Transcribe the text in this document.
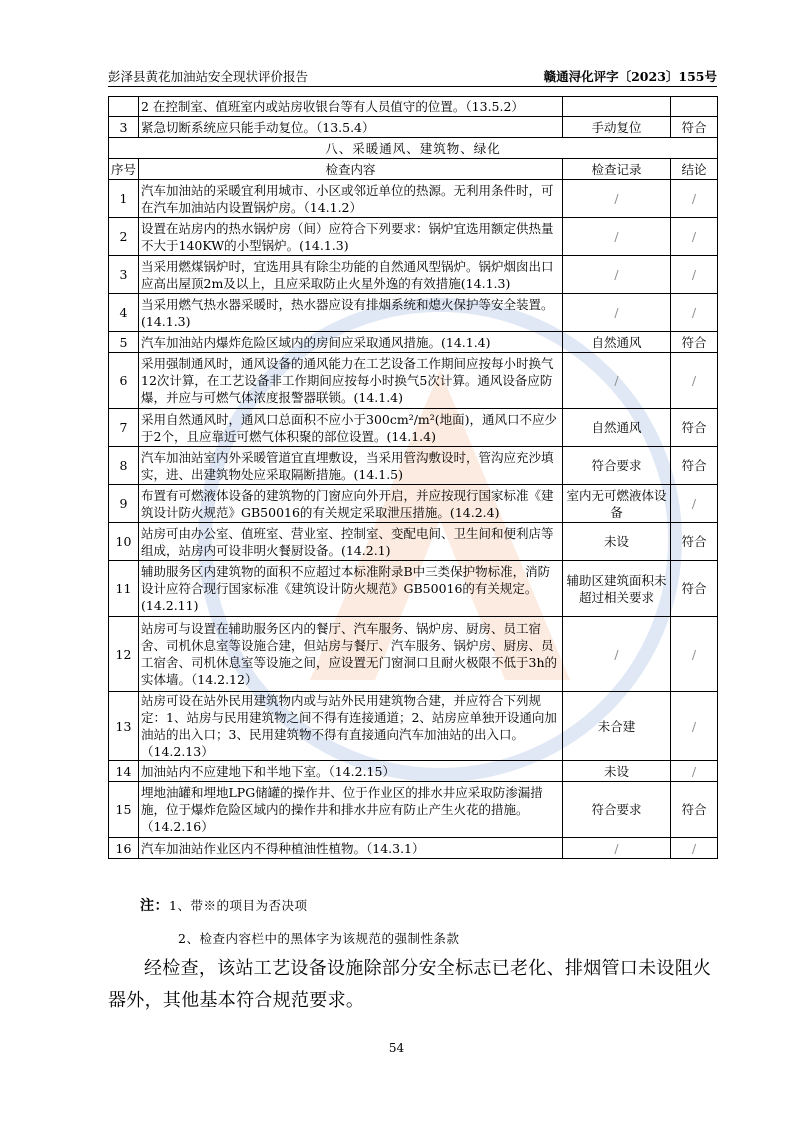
彭泽县黄花加油站安全现状评价报告	赣通浔化评字〔2023〕155号
	2 在控制室、值班室内或站房收银台等有人员值守的位置。（13.5.2）		
3	紧急切断系统应只能手动复位。（13.5.4）	手动复位	符合
八、采暖通风、建筑物、绿化			
序号	检查内容	检查记录	结论
1	汽车加油站的采暖宜利用城市、小区或邻近单位的热源。无利用条件时，可在汽车加油站内设置锅炉房。（14.1.2）	/	/
2	设置在站房内的热水锅炉房（间）应符合下列要求：锅炉宜选用额定供热量不大于140KW的小型锅炉。(14.1.3)	/	/
3	当采用燃煤锅炉时，宜选用具有除尘功能的自然通风型锅炉。锅炉烟囱出口应高出屋顶2m及以上，且应采取防止火星外逸的有效措施(14.1.3)	/	/
4	当采用燃气热水器采暖时，热水器应设有排烟系统和熄火保护等安全装置。(14.1.3)	/	/
5	汽车加油站内爆炸危险区域内的房间应采取通风措施。(14.1.4)	自然通风	符合
6	采用强制通风时，通风设备的通风能力在工艺设备工作期间应按每小时换气12次计算，在工艺设备非工作期间应按每小时换气5次计算。通风设备应防爆，并应与可燃气体浓度报警器联锁。(14.1.4)	/	/
7	采用自然通风时，通风口总面积不应小于300cm²/m²(地面)，通风口不应少于2个，且应靠近可燃气体积聚的部位设置。(14.1.4)	自然通风	符合
8	汽车加油站室内外采暖管道宜直埋敷设，当采用管沟敷设时，管沟应充沙填实，进、出建筑物处应采取隔断措施。(14.1.5)	符合要求	符合
9	布置有可燃液体设备的建筑物的门窗应向外开启，并应按现行国家标准《建筑设计防火规范》GB50016的有关规定采取泄压措施。(14.2.4)	室内无可燃液体设备	/
10	站房可由办公室、值班室、营业室、控制室、变配电间、卫生间和便利店等组成，站房内可设非明火餐厨设备。(14.2.1)	未设	符合
11	辅助服务区内建筑物的面积不应超过本标准附录B中三类保护物标准，消防设计应符合现行国家标准《建筑设计防火规范》GB50016的有关规定。(14.2.11)	辅助区建筑面积未超过相关要求	符合
12	站房可与设置在辅助服务区内的餐厅、汽车服务、锅炉房、厨房、员工宿舍、司机休息室等设施合建，但站房与餐厅、汽车服务、锅炉房、厨房、员工宿舍、司机休息室等设施之间，应设置无门窗洞口且耐火极限不低于3h的实体墙。（14.2.12）	/	/
13	站房可设在站外民用建筑物内或与站外民用建筑物合建，并应符合下列规定：1、站房与民用建筑物之间不得有连接通道；2、站房应单独开设通向加油站的出入口；3、民用建筑物不得有直接通向汽车加油站的出入口。（14.2.13）	未合建	/
14	加油站内不应建地下和半地下室。（14.2.15）	未设	/
15	埋地油罐和埋地LPG储罐的操作井、位于作业区的排水井应采取防渗漏措施，位于爆炸危险区域内的操作井和排水井应有防止产生火花的措施。（14.2.16）	符合要求	符合
16	汽车加油站作业区内不得种植油性植物。（14.3.1）	/	/
注：1、带※的项目为否决项
2、检查内容栏中的黑体字为该规范的强制性条款
经检查，该站工艺设备设施除部分安全标志已老化、排烟管口未设阻火器外，其他基本符合规范要求。
54
